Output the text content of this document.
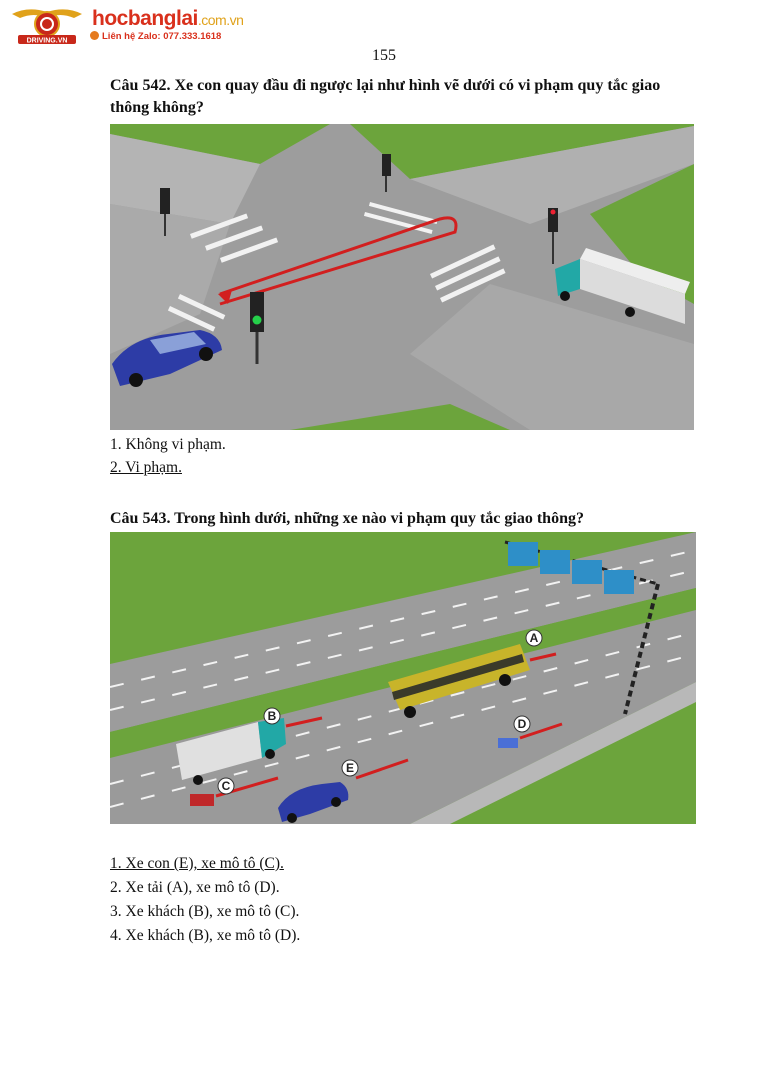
DRIVING.VN
hocbanglai.com.vn
Liên hệ Zalo: 077.333.1618
155
Câu 542. Xe con quay đầu đi ngược lại như hình vẽ dưới có vi phạm quy tắc giao thông không?
1. Không vi phạm.
2. Vi phạm.
Câu 543. Trong hình dưới, những xe nào vi phạm quy tắc giao thông?
A
B
C
D
E
1. Xe con (E), xe mô tô (C).
2. Xe tải (A), xe mô tô (D).
3. Xe khách (B), xe mô tô (C).
4. Xe khách (B), xe mô tô (D).
